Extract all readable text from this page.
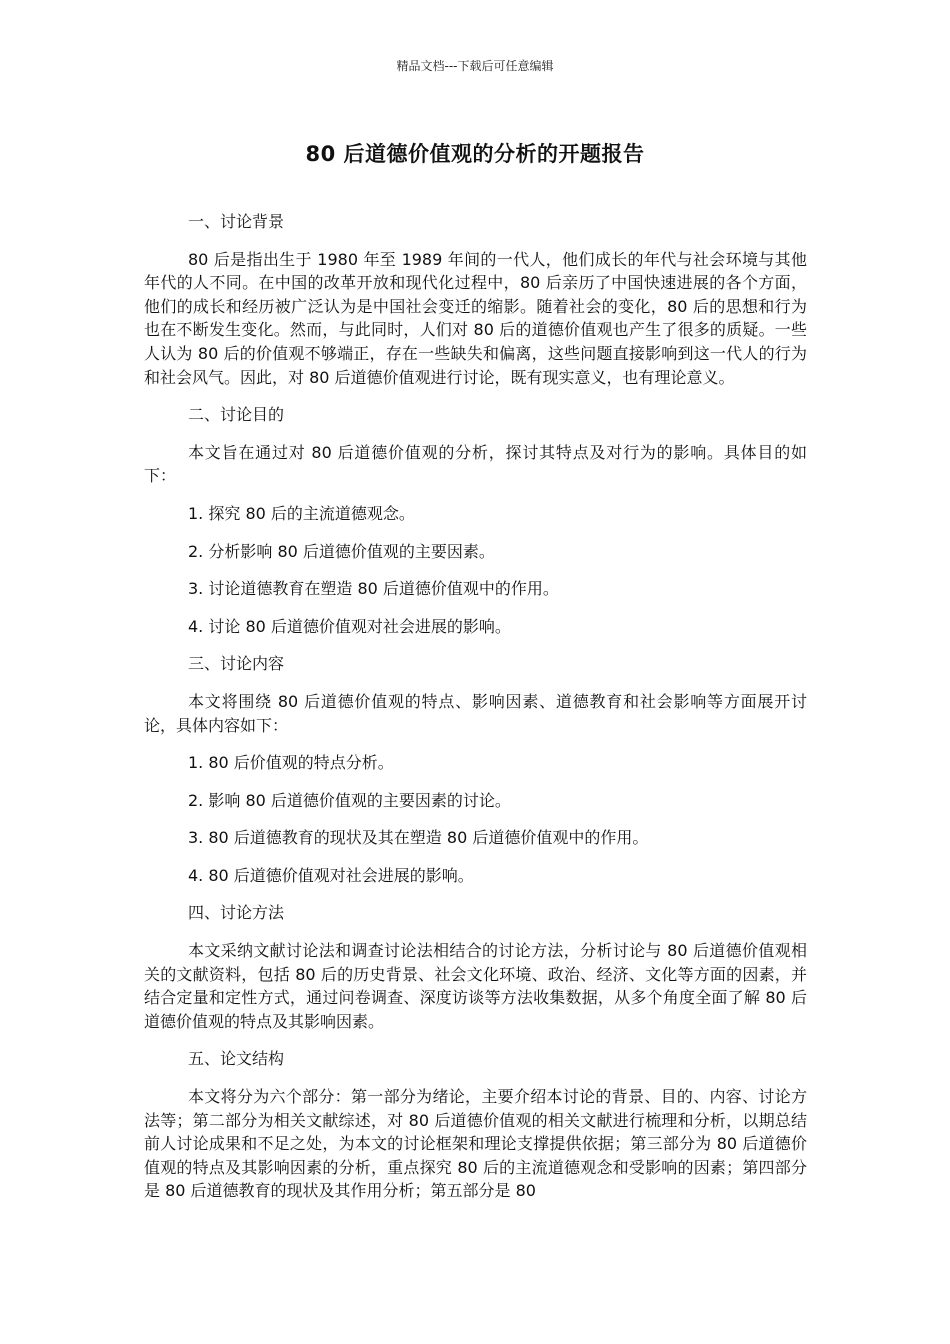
精品文档---下载后可任意编辑
80 后道德价值观的分析的开题报告
一、讨论背景
80 后是指出生于 1980 年至 1989 年间的一代人，他们成长的年代与社会环境与其他年代的人不同。在中国的改革开放和现代化过程中，80 后亲历了中国快速进展的各个方面，他们的成长和经历被广泛认为是中国社会变迁的缩影。随着社会的变化，80 后的思想和行为也在不断发生变化。然而，与此同时，人们对 80 后的道德价值观也产生了很多的质疑。一些人认为 80 后的价值观不够端正，存在一些缺失和偏离，这些问题直接影响到这一代人的行为和社会风气。因此，对 80 后道德价值观进行讨论，既有现实意义，也有理论意义。
二、讨论目的
本文旨在通过对 80 后道德价值观的分析，探讨其特点及对行为的影响。具体目的如下：
1. 探究 80 后的主流道德观念。
2. 分析影响 80 后道德价值观的主要因素。
3. 讨论道德教育在塑造 80 后道德价值观中的作用。
4. 讨论 80 后道德价值观对社会进展的影响。
三、讨论内容
本文将围绕 80 后道德价值观的特点、影响因素、道德教育和社会影响等方面展开讨论，具体内容如下：
1. 80 后价值观的特点分析。
2. 影响 80 后道德价值观的主要因素的讨论。
3. 80 后道德教育的现状及其在塑造 80 后道德价值观中的作用。
4. 80 后道德价值观对社会进展的影响。
四、讨论方法
本文采纳文献讨论法和调查讨论法相结合的讨论方法，分析讨论与 80 后道德价值观相关的文献资料，包括 80 后的历史背景、社会文化环境、政治、经济、文化等方面的因素，并结合定量和定性方式，通过问卷调查、深度访谈等方法收集数据，从多个角度全面了解 80 后道德价值观的特点及其影响因素。
五、论文结构
本文将分为六个部分：第一部分为绪论，主要介绍本讨论的背景、目的、内容、讨论方法等；第二部分为相关文献综述，对 80 后道德价值观的相关文献进行梳理和分析，以期总结前人讨论成果和不足之处，为本文的讨论框架和理论支撑提供依据；第三部分为 80 后道德价值观的特点及其影响因素的分析，重点探究 80 后的主流道德观念和受影响的因素；第四部分是 80 后道德教育的现状及其作用分析；第五部分是 80
